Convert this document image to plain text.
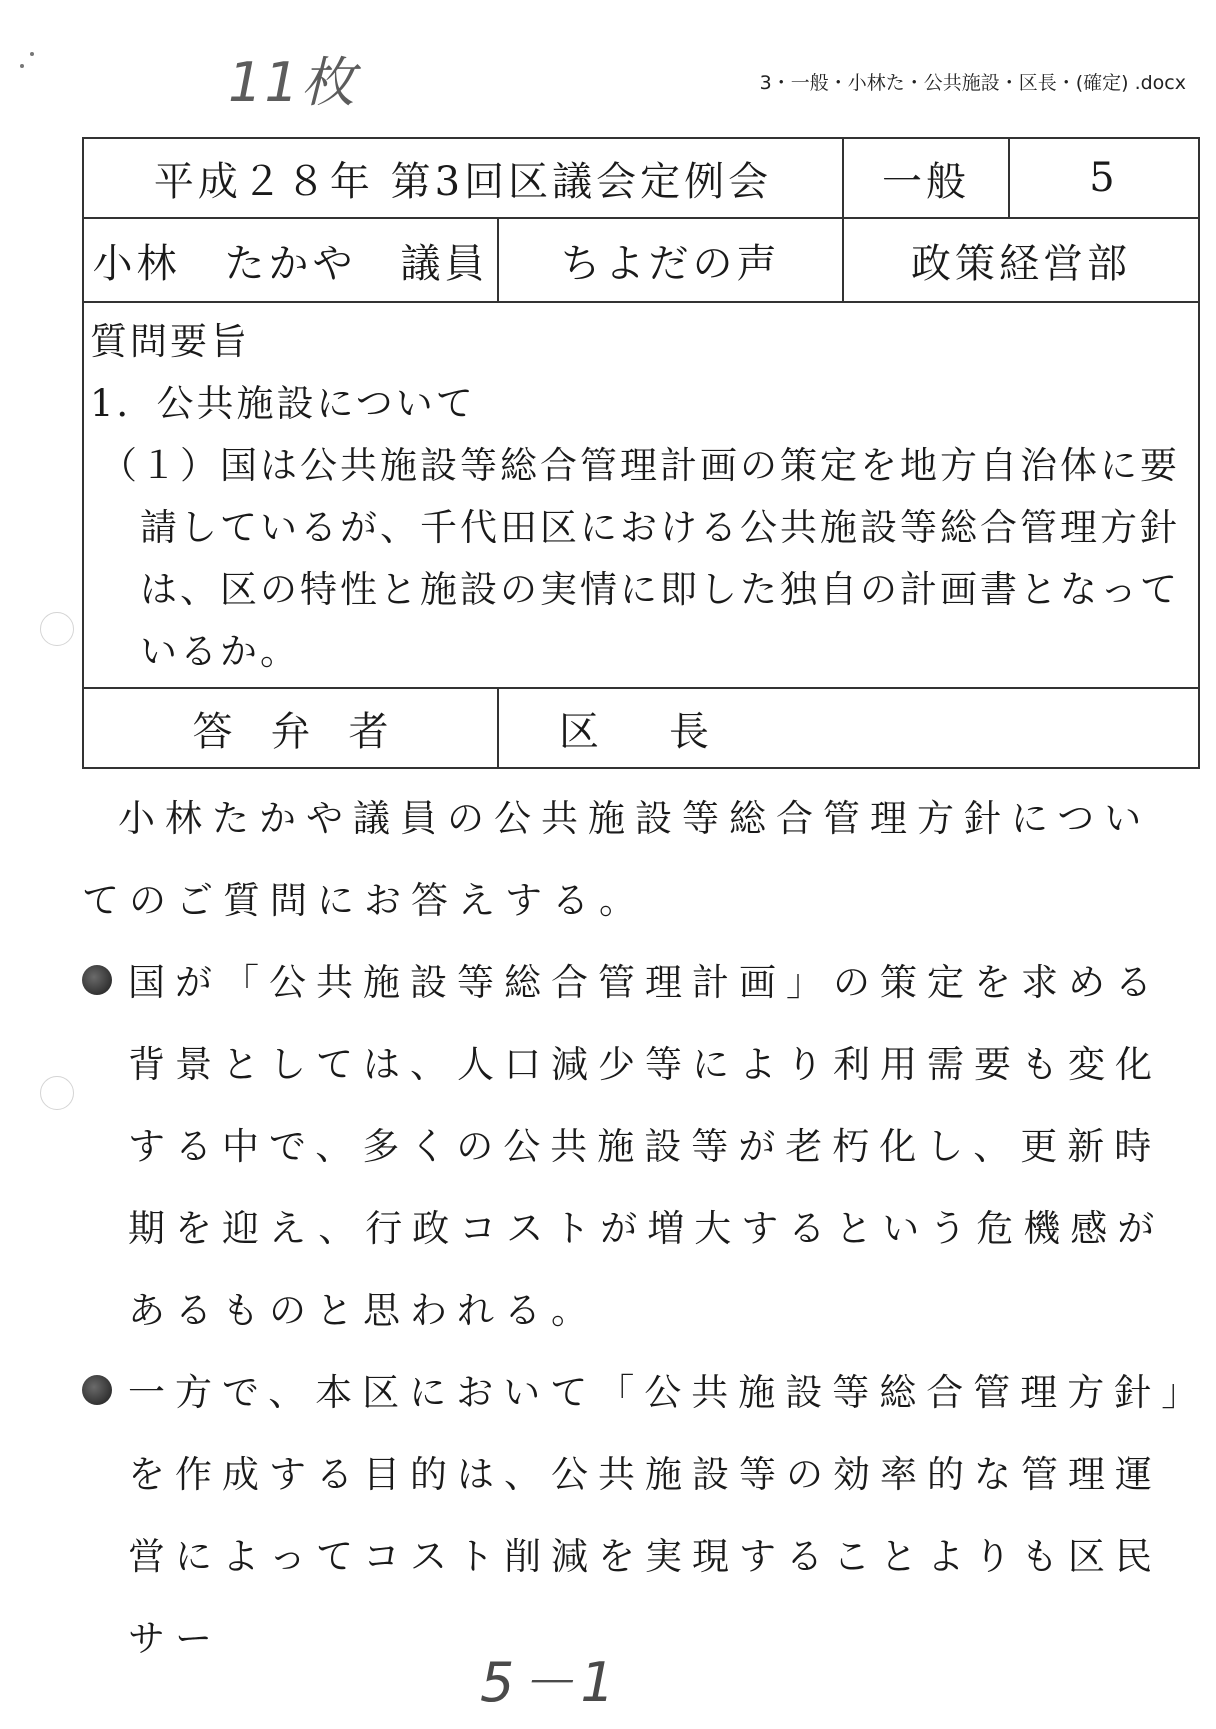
11枚	3・一般・小林た・公共施設・区長・(確定) .docx
平成２８年 第3回区議会定例会		一般	5
小林　たかや　議員	ちよだの声	政策経営部	

質問要旨
1．公共施設について
（１）国は公共施設等総合管理計画の策定を地方自治体に要請しているが、千代田区における公共施設等総合管理方針は、区の特性と施設の実情に即した独自の計画書となっているか。			

答弁者	区長		

小林たかや議員の公共施設等総合管理方針についてのご質問にお答えする。

国が「公共施設等総合管理計画」の策定を求める背景としては、人口減少等により利用需要も変化する中で、多くの公共施設等が老朽化し、更新時期を迎え、行政コストが増大するという危機感があるものと思われる。

一方で、本区において「公共施設等総合管理方針」を作成する目的は、公共施設等の効率的な管理運営によってコスト削減を実現することよりも区民サー

5－1
